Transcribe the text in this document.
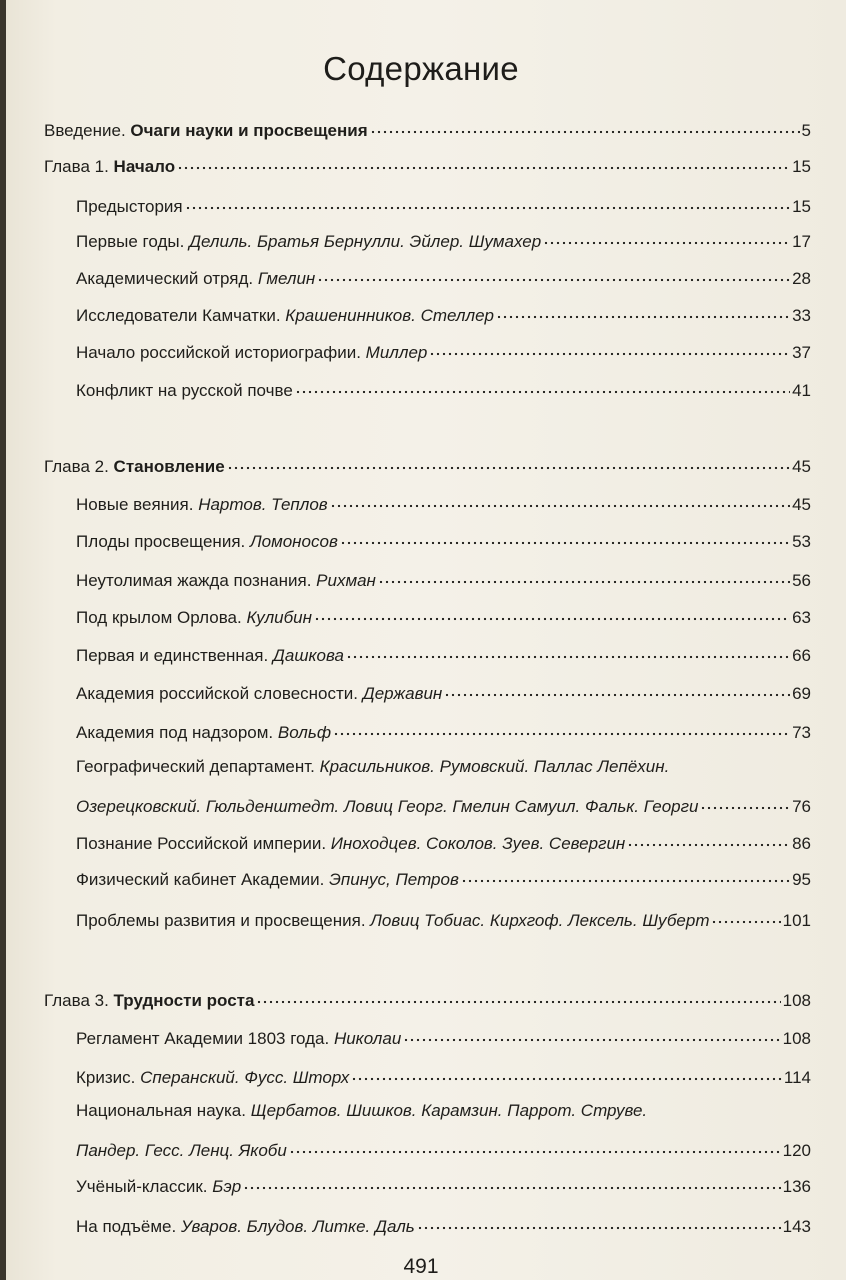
Содержание
Введение. Очаги науки и просвещения	5
Глава 1. Начало	15
Предыстория	15
Первые годы. Делиль. Братья Бернулли. Эйлер. Шумахер	17
Академический отряд. Гмелин	28
Исследователи Камчатки. Крашенинников. Стеллер	33
Начало российской историографии. Миллер	37
Конфликт на русской почве	41
Глава 2. Становление	45
Новые веяния. Нартов. Теплов	45
Плоды просвещения. Ломоносов	53
Неутолимая жажда познания. Рихман	56
Под крылом Орлова. Кулибин	63
Первая и единственная. Дашкова	66
Академия российской словесности. Державин	69
Академия под надзором. Вольф	73
Географический департамент. Красильников. Румовский. Паллас Лепёхин.
Озерецковский. Гюльденштедт. Ловиц Георг. Гмелин Самуил. Фальк. Георги	76
Познание Российской империи. Иноходцев. Соколов. Зуев. Севергин	86
Физический кабинет Академии. Эпинус, Петров	95
Проблемы развития и просвещения. Ловиц Тобиас. Кирхгоф. Лексель. Шуберт	101
Глава 3. Трудности роста	108
Регламент Академии 1803 года. Николаи	108
Кризис. Сперанский. Фусс. Шторх	114
Национальная наука. Щербатов. Шишков. Карамзин. Паррот. Струве.
Пандер. Гесс. Ленц. Якоби	120
Учёный-классик. Бэр	136
На подъёме. Уваров. Блудов. Литке. Даль	143
491
